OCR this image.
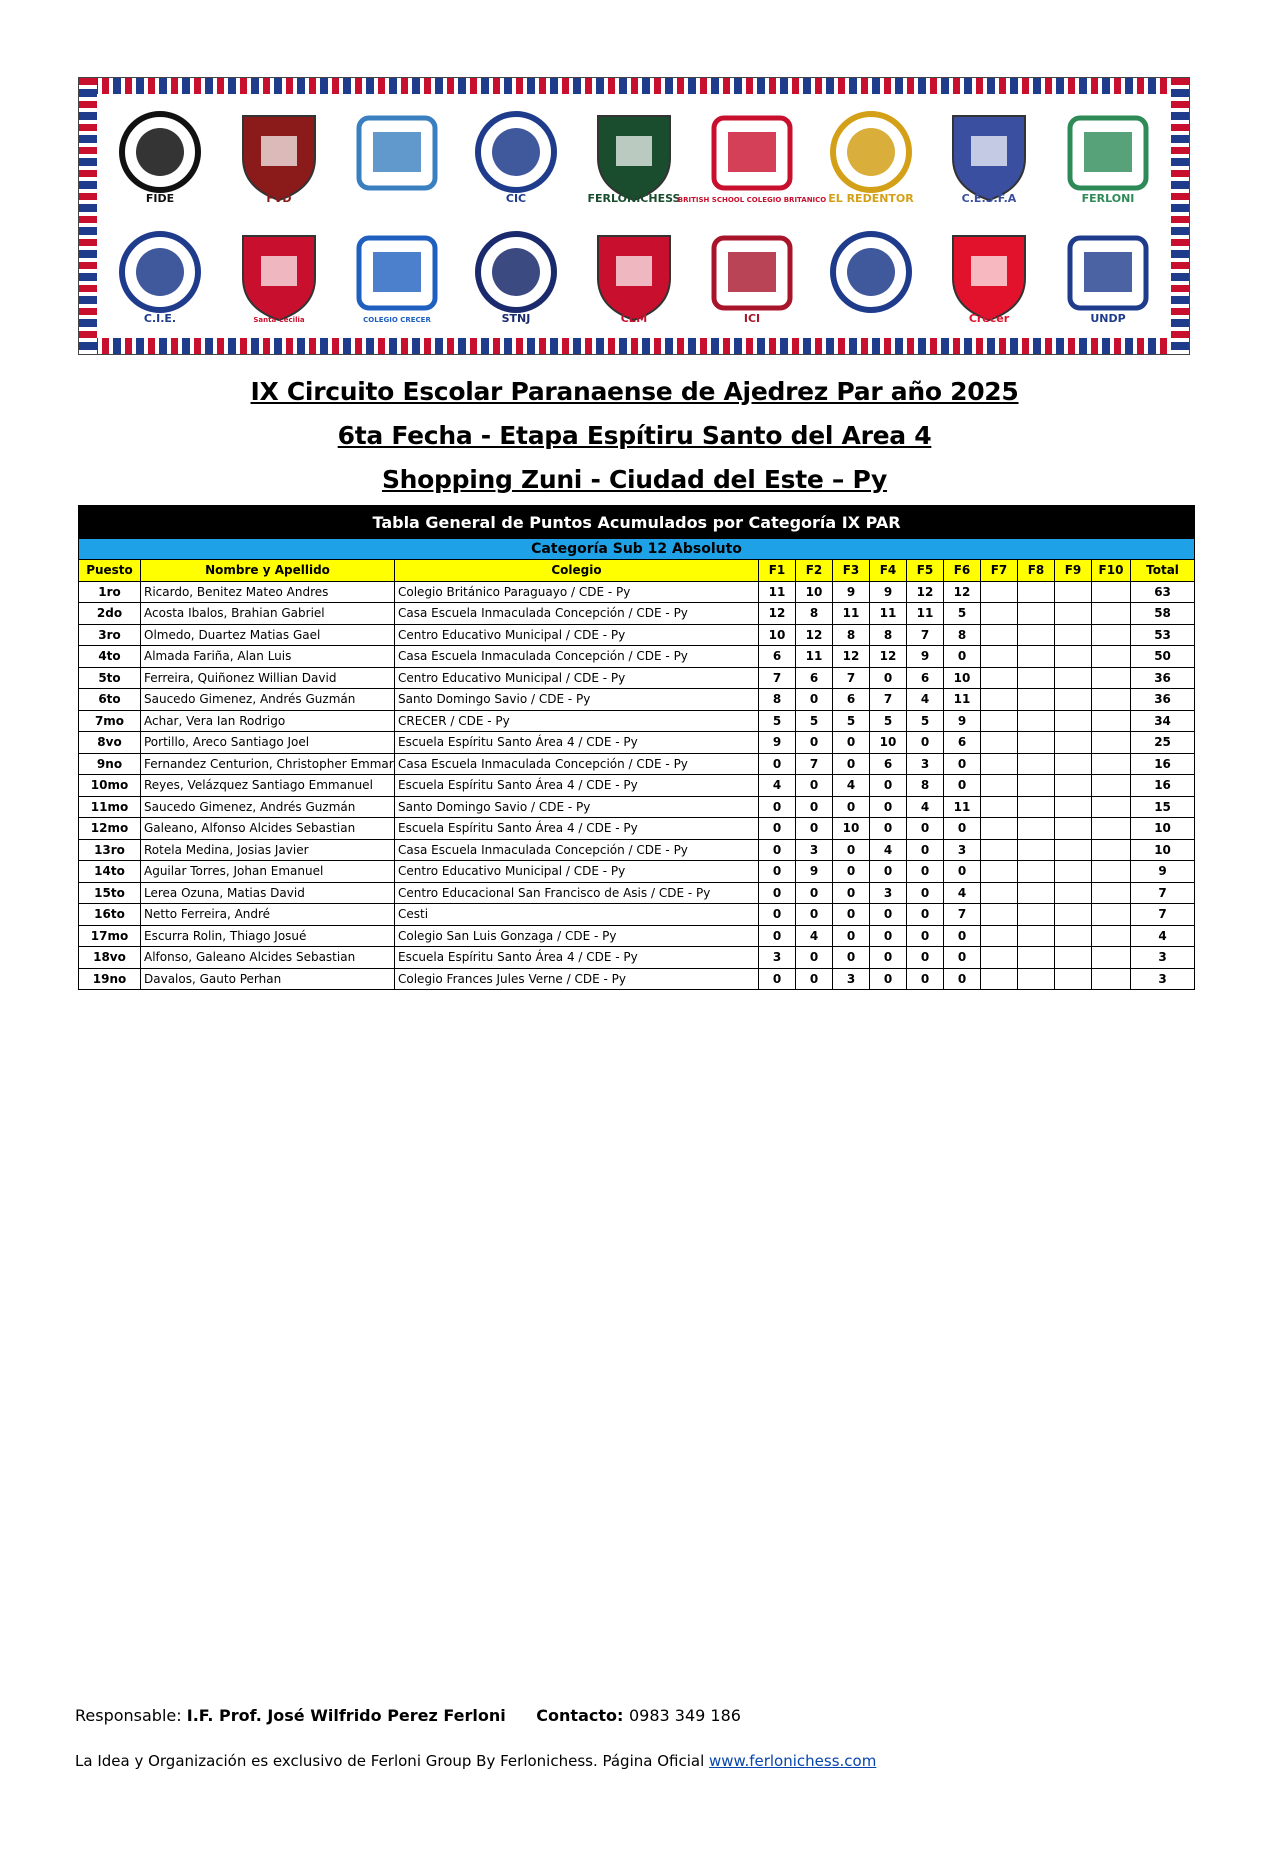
FIDE	FVD	CIC	FERLONICHESS
BRITISH SCHOOL COLEGIO BRITANICO EL REDENTOR	C.E.S.F.A	FERLONI
C.I.E.	Santa Cecilia	COLEGIO CRECER	STNJ	CEM	ICI	Crecer	UNDP
IX Circuito Escolar Paranaense de Ajedrez Par año 2025
6ta Fecha - Etapa Espítiru Santo del Area 4
Shopping Zuni - Ciudad del Este – Py
Tabla General de Puntos Acumulados por Categoría IX PAR													
Categoría Sub 12 Absoluto													
Puesto	Nombre y Apellido	Colegio	F1	F2	F3	F4	F5	F6	F7	F8	F9	F10	Total
1ro	Ricardo, Benitez Mateo Andres	Colegio Británico Paraguayo / CDE - Py	11	10	9	9	12	12					63
2do	Acosta Ibalos, Brahian Gabriel	Casa Escuela Inmaculada Concepción / CDE - Py	12	8	11	11	11	5					58
3ro	Olmedo, Duartez Matias Gael	Centro Educativo Municipal / CDE - Py	10	12	8	8	7	8					53
4to	Almada Fariña, Alan Luis	Casa Escuela Inmaculada Concepción / CDE - Py	6	11	12	12	9	0					50
5to	Ferreira, Quiñonez Willian David	Centro Educativo Municipal / CDE - Py	7	6	7	0	6	10					36
6to	Saucedo Gimenez, Andrés Guzmán	Santo Domingo Savio / CDE - Py	8	0	6	7	4	11					36
7mo	Achar, Vera Ian Rodrigo	CRECER / CDE - Py	5	5	5	5	5	9					34
8vo	Portillo, Areco Santiago Joel	Escuela Espíritu Santo Área 4 / CDE - Py	9	0	0	10	0	6					25
9no	Fernandez Centurion, Christopher Emmar	Casa Escuela Inmaculada Concepción / CDE - Py	0	7	0	6	3	0					16
10mo	Reyes, Velázquez Santiago Emmanuel	Escuela Espíritu Santo Área 4 / CDE - Py	4	0	4	0	8	0					16
11mo	Saucedo Gimenez, Andrés Guzmán	Santo Domingo Savio / CDE - Py	0	0	0	0	4	11					15
12mo	Galeano, Alfonso Alcides Sebastian	Escuela Espíritu Santo Área 4 / CDE - Py	0	0	10	0	0	0					10
13ro	Rotela Medina, Josias Javier	Casa Escuela Inmaculada Concepción / CDE - Py	0	3	0	4	0	3					10
14to	Aguilar Torres, Johan Emanuel	Centro Educativo Municipal / CDE - Py	0	9	0	0	0	0					9
15to	Lerea Ozuna, Matias David	Centro Educacional San Francisco de Asis / CDE - Py	0	0	0	3	0	4					7
16to	Netto Ferreira, André	Cesti	0	0	0	0	0	7					7
17mo	Escurra Rolin, Thiago Josué	Colegio San Luis Gonzaga / CDE - Py	0	4	0	0	0	0					4
18vo	Alfonso, Galeano Alcides Sebastian	Escuela Espíritu Santo Área 4 / CDE - Py	3	0	0	0	0	0					3
19no	Davalos, Gauto Perhan	Colegio Frances Jules Verne / CDE - Py	0	0	3	0	0	0					3
Responsable: I.F. Prof. José Wilfrido Perez Ferloni Contacto: 0983 349 186
La Idea y Organización es exclusivo de Ferloni Group By Ferlonichess. Página Oficial www.ferlonichess.com
